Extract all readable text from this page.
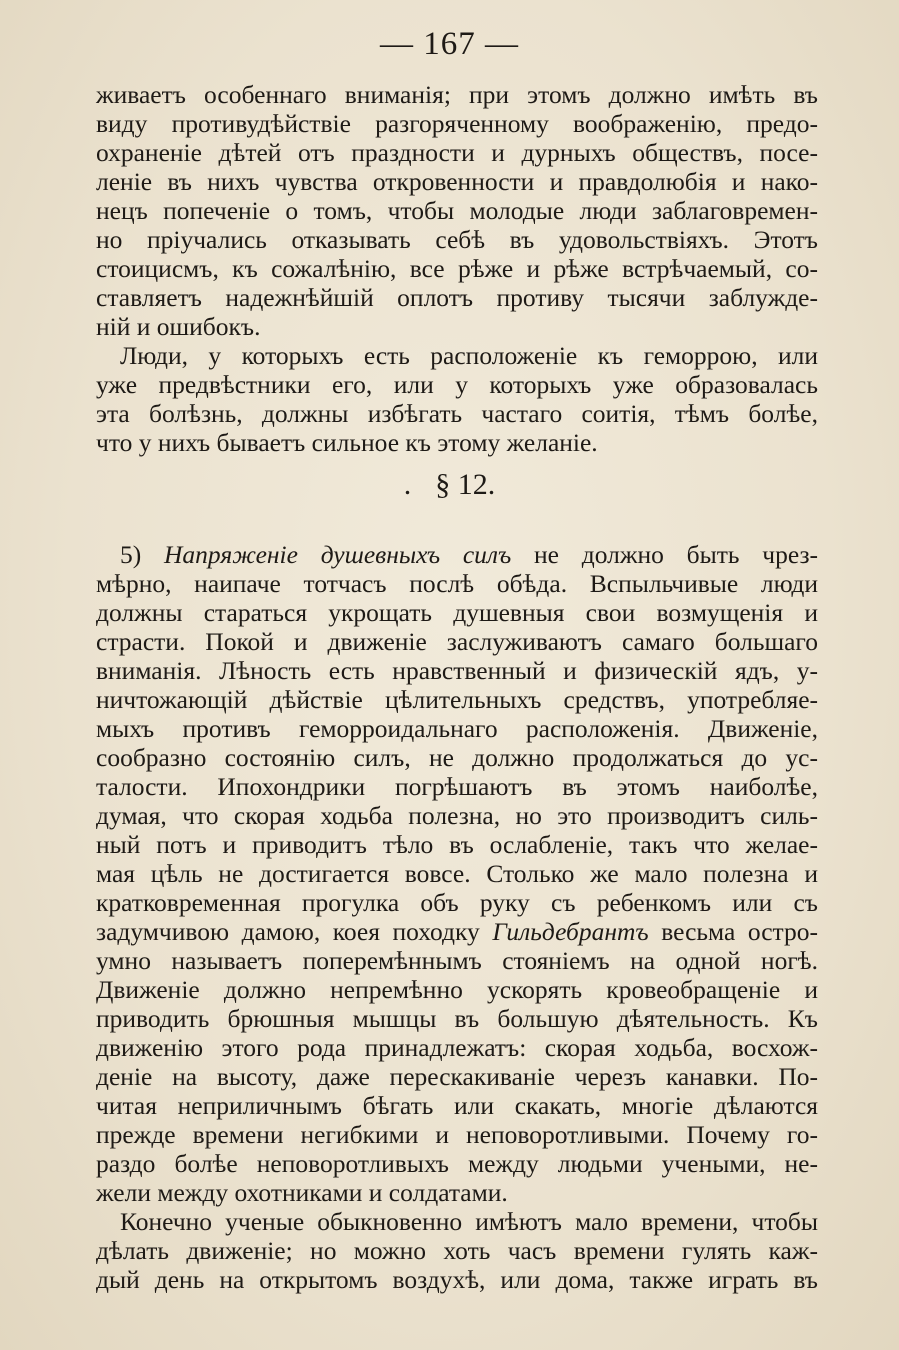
— 167 —
живаетъ особеннаго вниманія; при этомъ должно имѣть въ
виду противудѣйствіе разгоряченному воображенію, предо-
охраненіе дѣтей отъ праздности и дурныхъ обществъ, посе-
леніе въ нихъ чувства откровенности и правдолюбія и нако-
нецъ попеченіе о томъ, чтобы молодые люди заблаговремен-
но пріучались отказывать себѣ въ удовольствіяхъ. Этотъ
стоицисмъ, къ сожалѣнію, все рѣже и рѣже встрѣчаемый, со-
ставляетъ надежнѣйшій оплотъ противу тысячи заблужде-
ній и ошибокъ.
Люди, у которыхъ есть расположеніе къ геморрою, или
уже предвѣстники его, или у которыхъ уже образовалась
эта болѣзнь, должны избѣгать частаго соитія, тѣмъ болѣе,
что у нихъ бываетъ сильное къ этому желаніе.
. § 12.
5) Напряженіе душевныхъ силъ не должно быть чрез-
мѣрно, наипаче тотчасъ послѣ обѣда. Вспыльчивые люди
должны стараться укрощать душевныя свои возмущенія и
страсти. Покой и движеніе заслуживаютъ самаго большаго
вниманія. Лѣность есть нравственный и физическій ядъ, у-
ничтожающій дѣйствіе цѣлительныхъ средствъ, употребляе-
мыхъ противъ геморроидальнаго расположенія. Движеніе,
сообразно состоянію силъ, не должно продолжаться до ус-
талости. Ипохондрики погрѣшаютъ въ этомъ наиболѣе,
думая, что скорая ходьба полезна, но это производитъ силь-
ный потъ и приводитъ тѣло въ ослабленіе, такъ что желае-
мая цѣль не достигается вовсе. Столько же мало полезна и
кратковременная прогулка объ руку съ ребенкомъ или съ
задумчивою дамою, коея походку Гильдебрантъ весьма остро-
умно называетъ поперемѣннымъ стояніемъ на одной ногѣ.
Движеніе должно непремѣнно ускорять кровеобращеніе и
приводить брюшныя мышцы въ большую дѣятельность. Къ
движенію этого рода принадлежатъ: скорая ходьба, восхож-
деніе на высоту, даже перескакиваніе черезъ канавки. По-
читая неприличнымъ бѣгать или скакать, многіе дѣлаются
прежде времени негибкими и неповоротливыми. Почему го-
раздо болѣе неповоротливыхъ между людьми учеными, не-
жели между охотниками и солдатами.
Конечно ученые обыкновенно имѣютъ мало времени, чтобы
дѣлать движеніе; но можно хоть часъ времени гулять каж-
дый день на открытомъ воздухѣ, или дома, также играть въ
